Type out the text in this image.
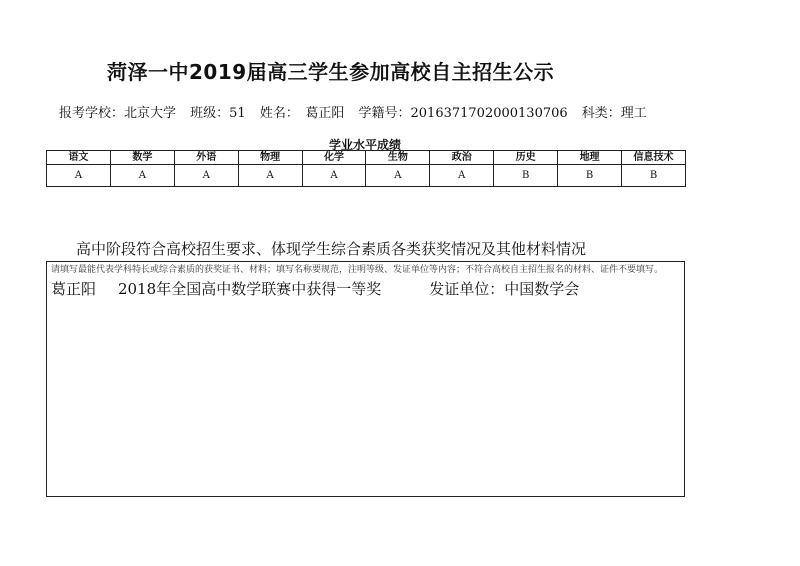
菏泽一中2019届高三学生参加高校自主招生公示
报考学校：北京大学 班级：51 姓名：　葛正阳 学籍号：2016371702000130706 科类：理工
学业水平成绩
语文	数学	外语	物理	化学	生物	政治	历史	地理	信息技术
A	A	A	A	A	A	A	B	B	B
高中阶段符合高校招生要求、体现学生综合素质各类获奖情况及其他材料情况
请填写最能代表学科特长或综合素质的获奖证书、材料；填写名称要规范，注明等级、发证单位等内容；不符合高校自主招生报名的材料、证件不要填写。
葛正阳 2018年全国高中数学联赛中获得一等奖	发证单位：中国数学会
